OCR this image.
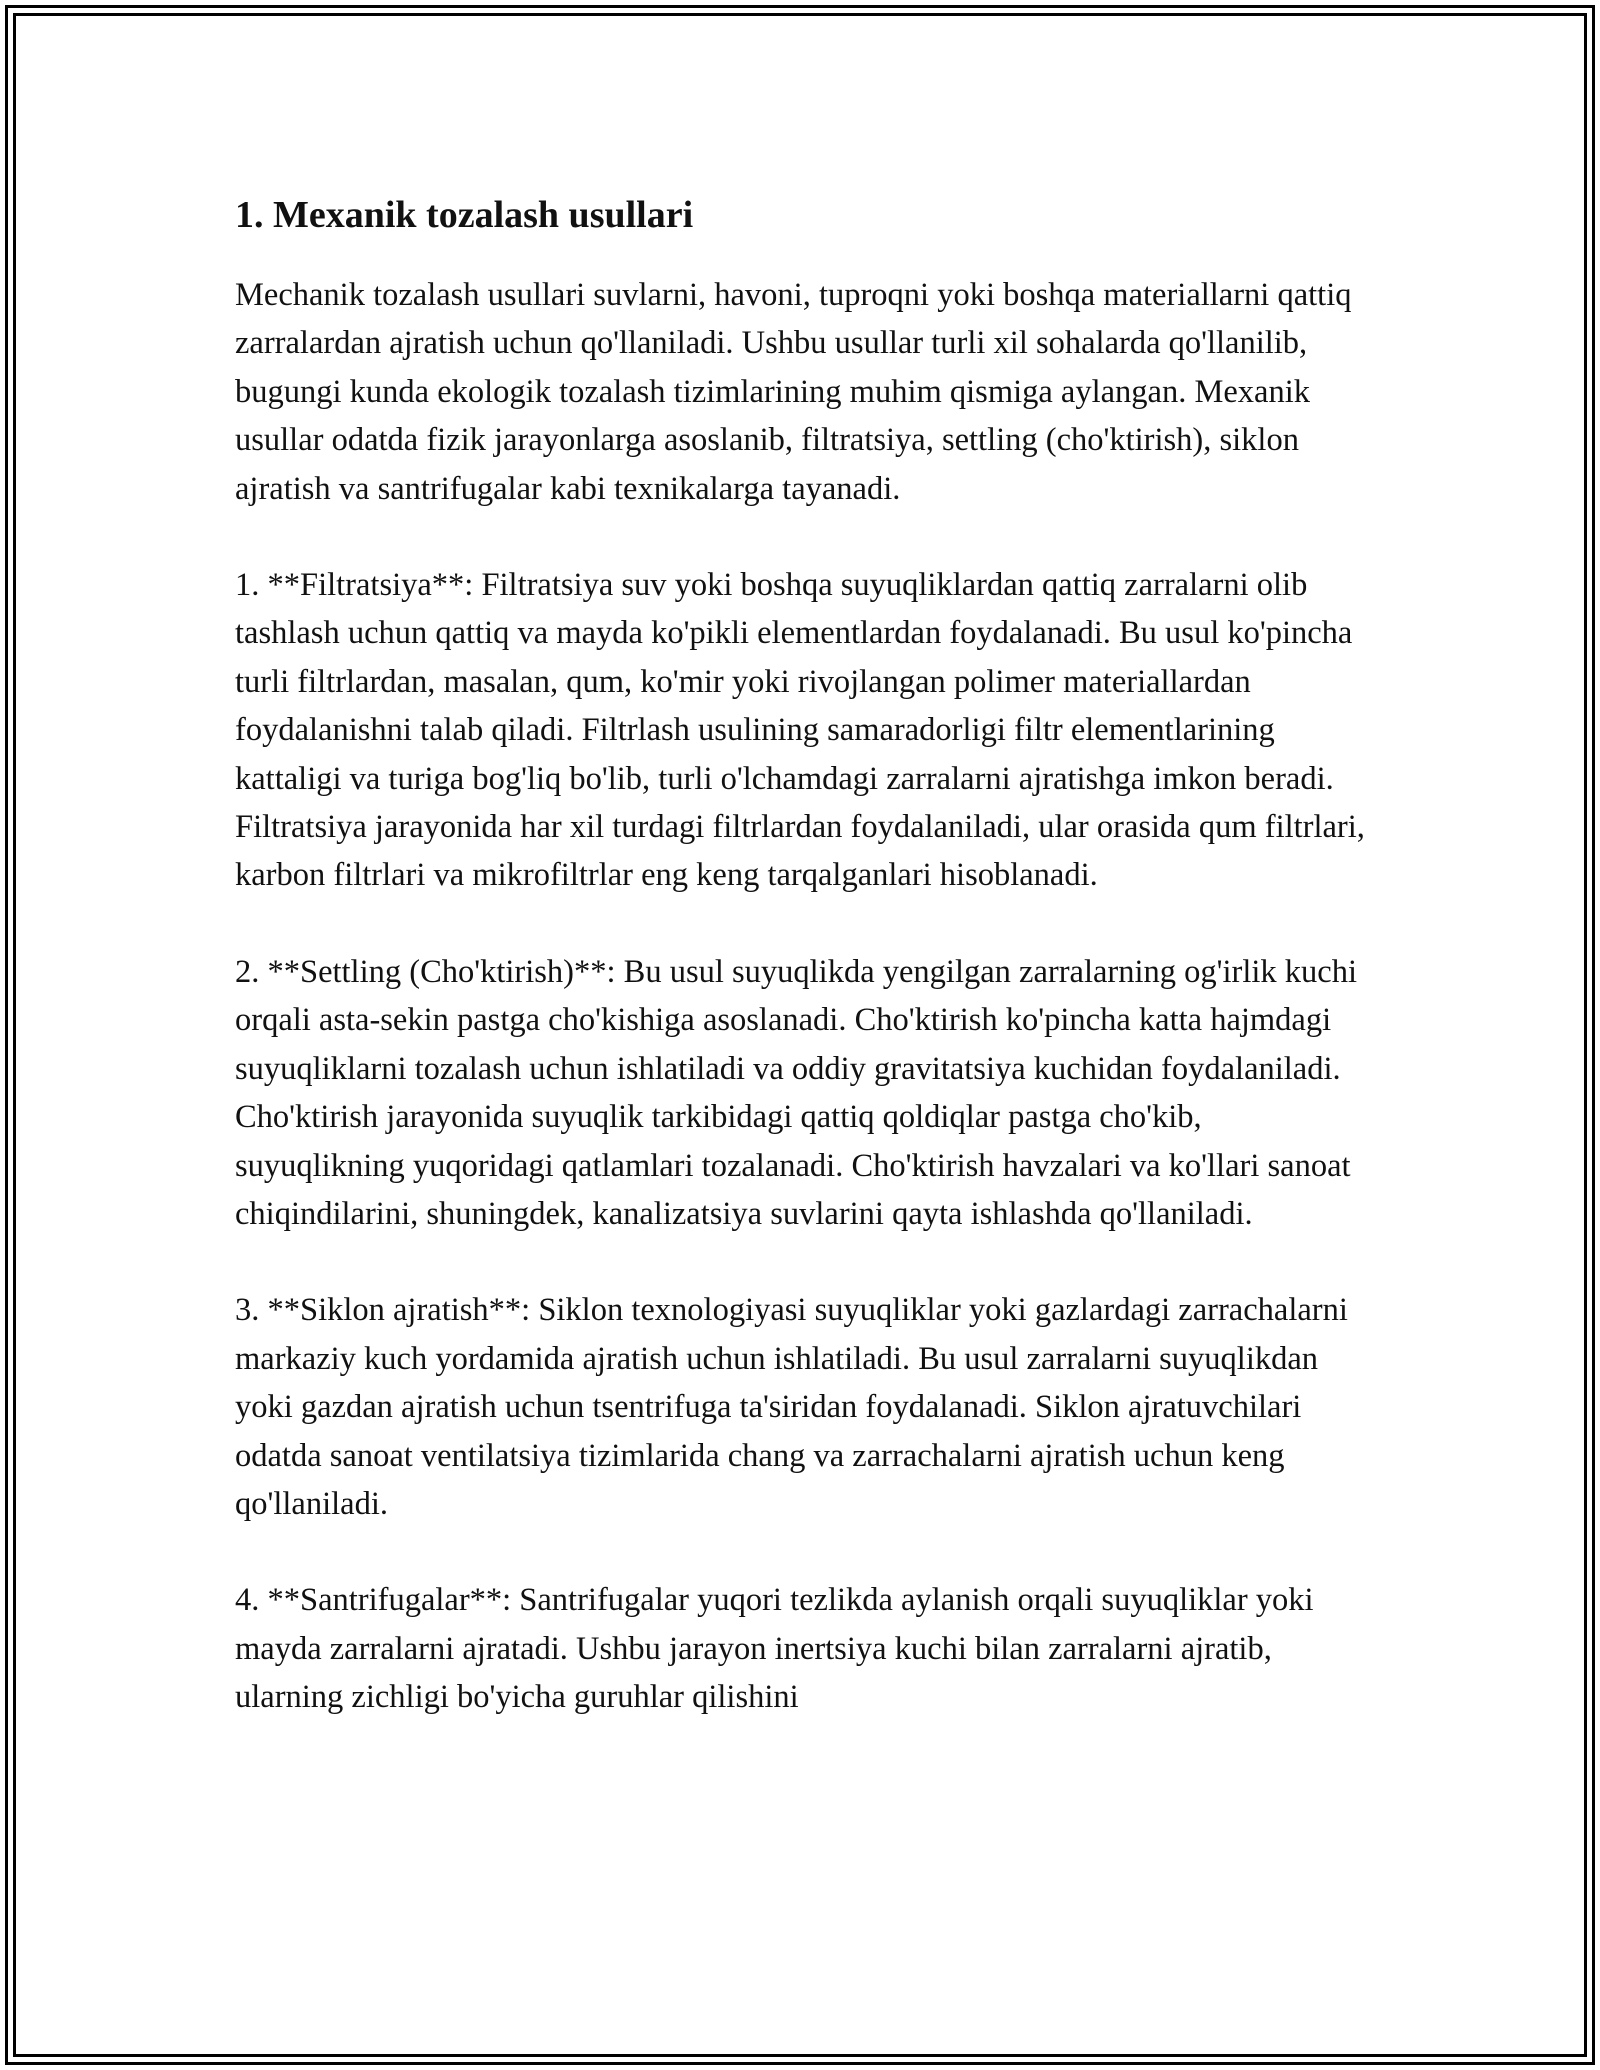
1. Mexanik tozalash usullari

Mechanik tozalash usullari suvlarni, havoni, tuproqni yoki boshqa materiallarni qattiq zarralardan ajratish uchun qo'llaniladi. Ushbu usullar turli xil sohalarda qo'llanilib, bugungi kunda ekologik tozalash tizimlarining muhim qismiga aylangan. Mexanik usullar odatda fizik jarayonlarga asoslanib, filtratsiya, settling (cho'ktirish), siklon ajratish va santrifugalar kabi texnikalarga tayanadi.

1. **Filtratsiya**: Filtratsiya suv yoki boshqa suyuqliklardan qattiq zarralarni olib tashlash uchun qattiq va mayda ko'pikli elementlardan foydalanadi. Bu usul ko'pincha turli filtrlardan, masalan, qum, ko'mir yoki rivojlangan polimer materiallardan foydalanishni talab qiladi. Filtrlash usulining samaradorligi filtr elementlarining kattaligi va turiga bog'liq bo'lib, turli o'lchamdagi zarralarni ajratishga imkon beradi. Filtratsiya jarayonida har xil turdagi filtrlardan foydalaniladi, ular orasida qum filtrlari, karbon filtrlari va mikrofiltrlar eng keng tarqalganlari hisoblanadi.

2. **Settling (Cho'ktirish)**: Bu usul suyuqlikda yengilgan zarralarning og'irlik kuchi orqali asta-sekin pastga cho'kishiga asoslanadi. Cho'ktirish ko'pincha katta hajmdagi suyuqliklarni tozalash uchun ishlatiladi va oddiy gravitatsiya kuchidan foydalaniladi. Cho'ktirish jarayonida suyuqlik tarkibidagi qattiq qoldiqlar pastga cho'kib, suyuqlikning yuqoridagi qatlamlari tozalanadi. Cho'ktirish havzalari va ko'llari sanoat chiqindilarini, shuningdek, kanalizatsiya suvlarini qayta ishlashda qo'llaniladi.

3. **Siklon ajratish**: Siklon texnologiyasi suyuqliklar yoki gazlardagi zarrachalarni markaziy kuch yordamida ajratish uchun ishlatiladi. Bu usul zarralarni suyuqlikdan yoki gazdan ajratish uchun tsentrifuga ta'siridan foydalanadi. Siklon ajratuvchilari odatda sanoat ventilatsiya tizimlarida chang va zarrachalarni ajratish uchun keng qo'llaniladi.

4. **Santrifugalar**: Santrifugalar yuqori tezlikda aylanish orqali suyuqliklar yoki mayda zarralarni ajratadi. Ushbu jarayon inertsiya kuchi bilan zarralarni ajratib, ularning zichligi bo'yicha guruhlar qilishini
